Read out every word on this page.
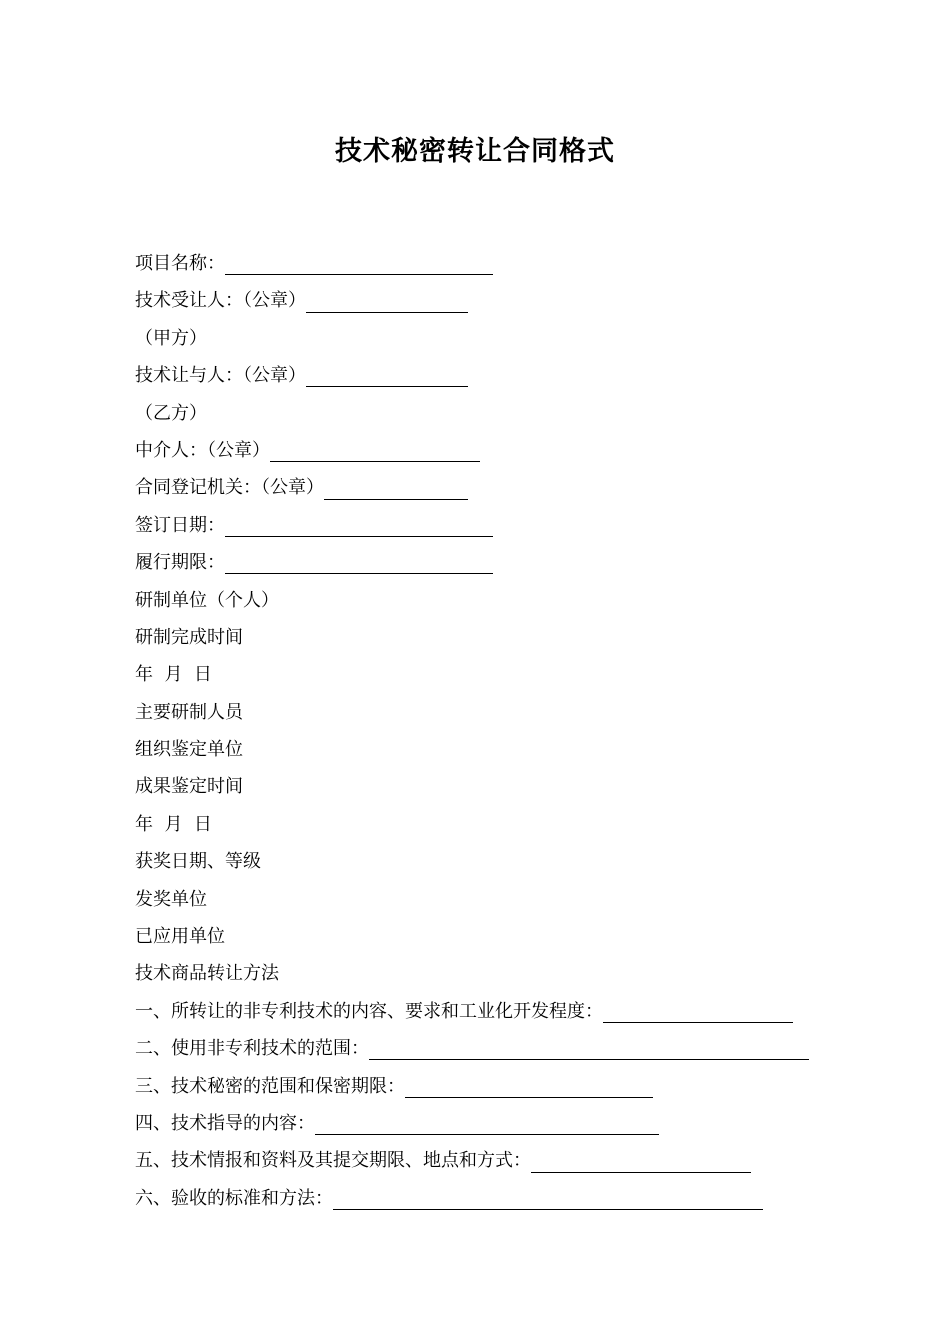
技术秘密转让合同格式
项目名称：
技术受让人：（公章）
（甲方）
技术让与人：（公章）
（乙方）
中介人：（公章）
合同登记机关：（公章）
签订日期：
履行期限：
研制单位（个人）
研制完成时间
年  月  日
主要研制人员
组织鉴定单位
成果鉴定时间
年  月  日
获奖日期、等级
发奖单位
已应用单位
技术商品转让方法
一、所转让的非专利技术的内容、要求和工业化开发程度：
二、使用非专利技术的范围：
三、技术秘密的范围和保密期限：
四、技术指导的内容：
五、技术情报和资料及其提交期限、地点和方式：
六、验收的标准和方法：
